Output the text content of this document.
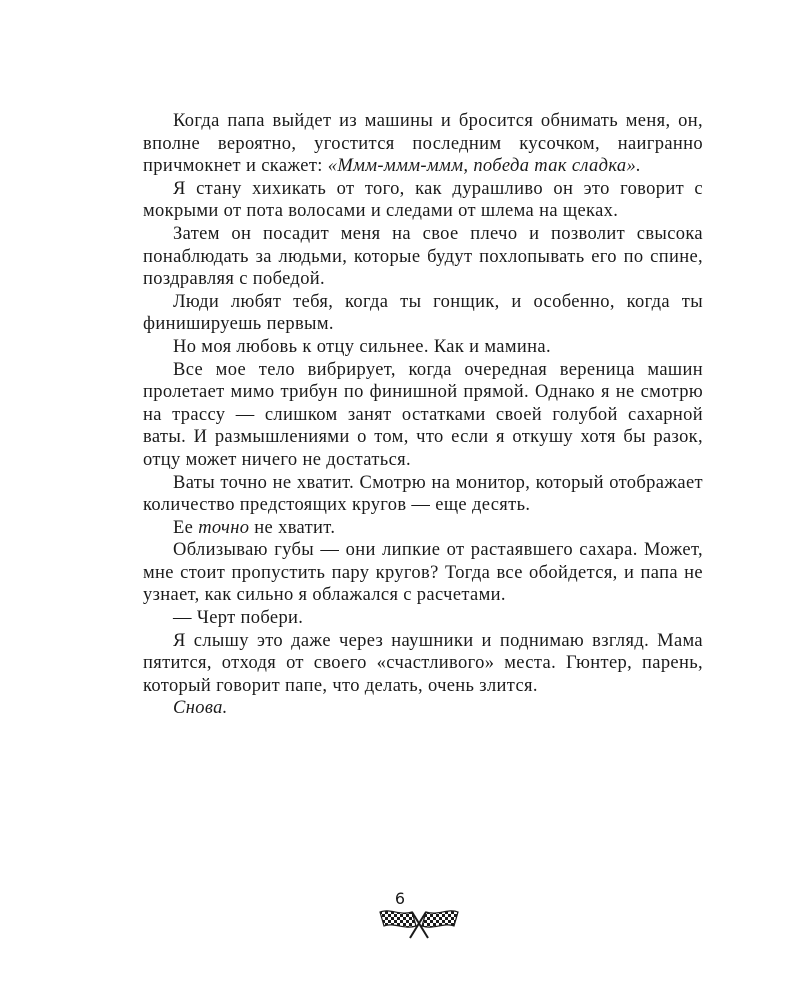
Когда папа выйдет из машины и бросится обнимать меня, он, вполне вероятно, угостится последним кусочком, наигранно причмокнет и скажет: «Ммм-ммм-ммм, победа так сладка».

Я стану хихикать от того, как дурашливо он это говорит с мокрыми от пота волосами и следами от шлема на щеках.

Затем он посадит меня на свое плечо и позволит свысока понаблюдать за людьми, которые будут похлопывать его по спине, поздравляя с победой.

Люди любят тебя, когда ты гонщик, и особенно, когда ты финишируешь первым.

Но моя любовь к отцу сильнее. Как и мамина.

Все мое тело вибрирует, когда очередная вереница машин пролетает мимо трибун по финишной прямой. Однако я не смотрю на трассу — слишком занят остатками своей голубой сахарной ваты. И размышлениями о том, что если я откушу хотя бы разок, отцу может ничего не достаться.

Ваты точно не хватит. Смотрю на монитор, который отображает количество предстоящих кругов — еще десять.

Ее точно не хватит.

Облизываю губы — они липкие от растаявшего сахара. Может, мне стоит пропустить пару кругов? Тогда все обойдется, и папа не узнает, как сильно я облажался с расчетами.

— Черт побери.

Я слышу это даже через наушники и поднимаю взгляд. Мама пятится, отходя от своего «счастливого» места. Гюнтер, парень, который говорит папе, что делать, очень злится.

Снова.

6
